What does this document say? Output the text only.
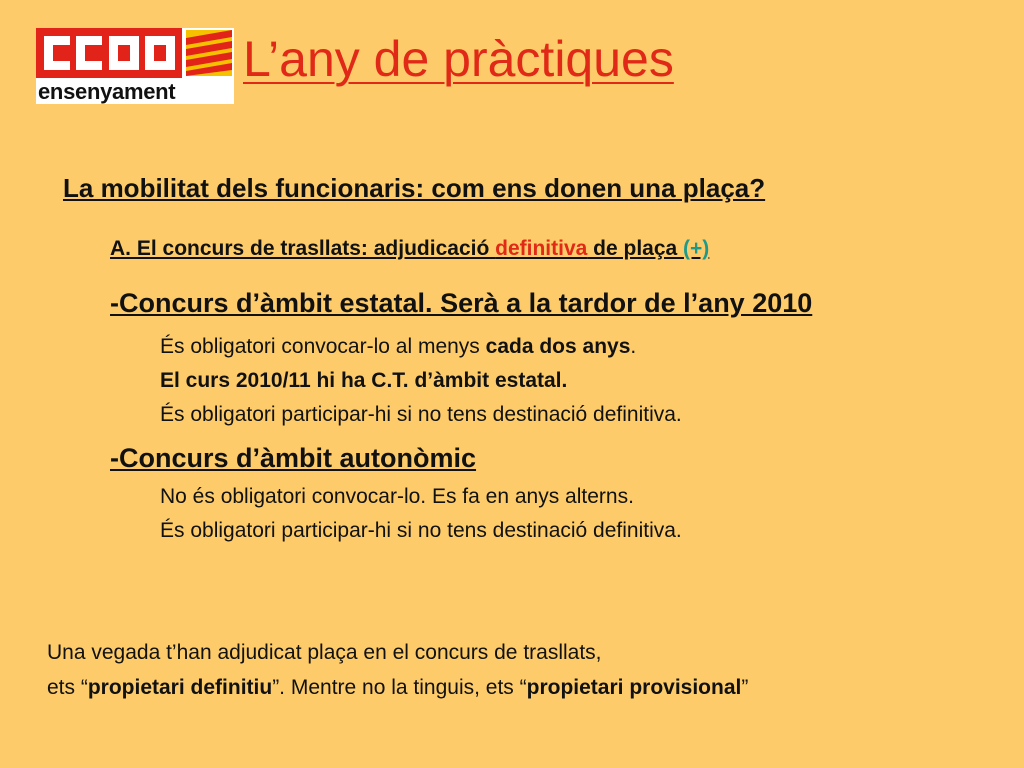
ensenyament
L’any de pràctiques
La mobilitat dels funcionaris: com ens donen una plaça?
A. El concurs de trasllats: adjudicació definitiva de plaça (+)
-Concurs d’àmbit estatal. Serà a la tardor de l’any 2010
És obligatori convocar-lo al menys cada dos anys.
El curs 2010/11 hi ha C.T. d’àmbit estatal.
És obligatori participar-hi si no tens destinació definitiva.
-Concurs d’àmbit autonòmic
No és obligatori convocar-lo. Es fa en anys alterns.
És obligatori participar-hi si no tens destinació definitiva.
Una vegada t’han adjudicat plaça en el concurs de trasllats,
ets “propietari definitiu”. Mentre no la tinguis, ets “propietari provisional”
